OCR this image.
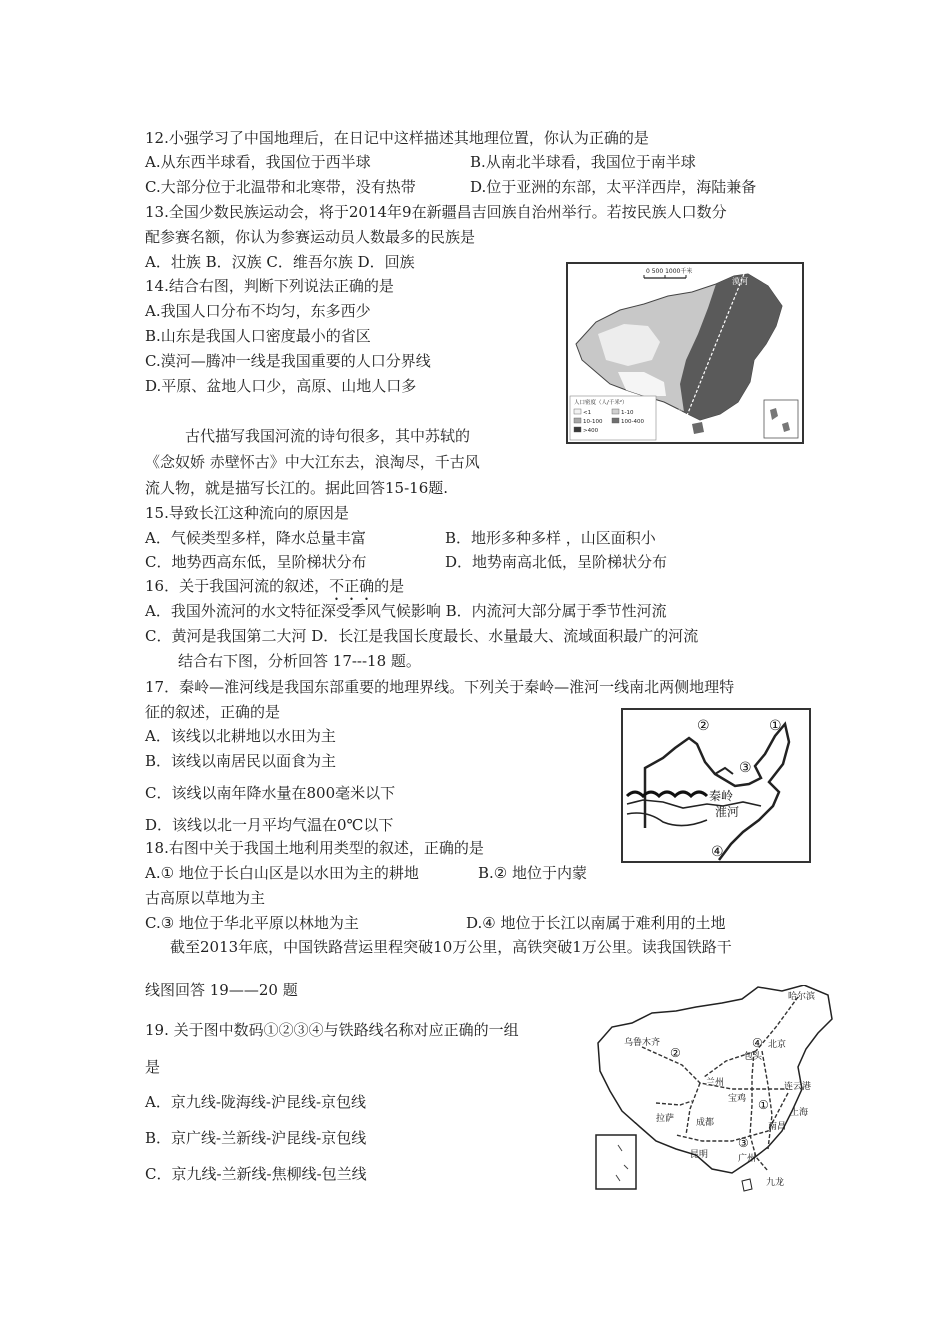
12.小强学习了中国地理后，在日记中这样描述其地理位置，你认为正确的是
A.从东西半球看，我国位于西半球	B.从南北半球看，我国位于南半球
C.大部分位于北温带和北寒带，没有热带	D.位于亚洲的东部，太平洋西岸，海陆兼备
13.全国少数民族运动会，将于2014年9在新疆昌吉回族自治州举行。若按民族人口数分
配参赛名额，你认为参赛运动员人数最多的民族是
A．壮族 B．汉族 C．维吾尔族 D．回族
14.结合右图，判断下列说法正确的是
A.我国人口分布不均匀，东多西少
B.山东是我国人口密度最小的省区
C.漠河—腾冲一线是我国重要的人口分界线
D.平原、盆地人口少，高原、山地人口多
0 500 1000千米
漠河
腾冲
人口密度（人/千米²）
<1	1-10
10-100	100-400
>400
古代描写我国河流的诗句很多，其中苏轼的
《念奴娇 赤壁怀古》中大江东去，浪淘尽，千古风
流人物，就是描写长江的。据此回答15-16题.
15.导致长江这种流向的原因是
A．气候类型多样，降水总量丰富	B．地形多种多样 ，山区面积小
C．地势西高东低，呈阶梯状分布	D．地势南高北低，呈阶梯状分布
16．关于我国河流的叙述，不正确的是
A．我国外流河的水文特征深受季风气候影响 B．内流河大部分属于季节性河流
C．黄河是我国第二大河 D．长江是我国长度最长、水量最大、流域面积最广的河流
结合右下图，分析回答 17---18 题。
17．秦岭—淮河线是我国东部重要的地理界线。下列关于秦岭—淮河一线南北两侧地理特
征的叙述，正确的是
A．该线以北耕地以水田为主
B．该线以南居民以面食为主
C．该线以南年降水量在800毫米以下
D．该线以北一月平均气温在0℃以下
秦岭
淮河
②	①
③
④
18.右图中关于我国土地利用类型的叙述，正确的是
A.① 地位于长白山区是以水田为主的耕地	B.② 地位于内蒙
古高原以草地为主
C.③ 地位于华北平原以林地为主	D.④ 地位于长江以南属于难利用的土地
截至2013年底，中国铁路营运里程突破10万公里，高铁突破1万公里。读我国铁路干
线图回答 19——20 题
19. 关于图中数码①②③④与铁路线名称对应正确的一组
是
A．京九线-陇海线-沪昆线-京包线
B．京广线-兰新线-沪昆线-京包线
C．京九线-兰新线-焦柳线-包兰线
哈尔滨
乌鲁木齐	北京
包头
兰州
宝鸡
连云港
成都
上海
拉萨
南昌
昆明	广州
九龙
①
②
③
④
